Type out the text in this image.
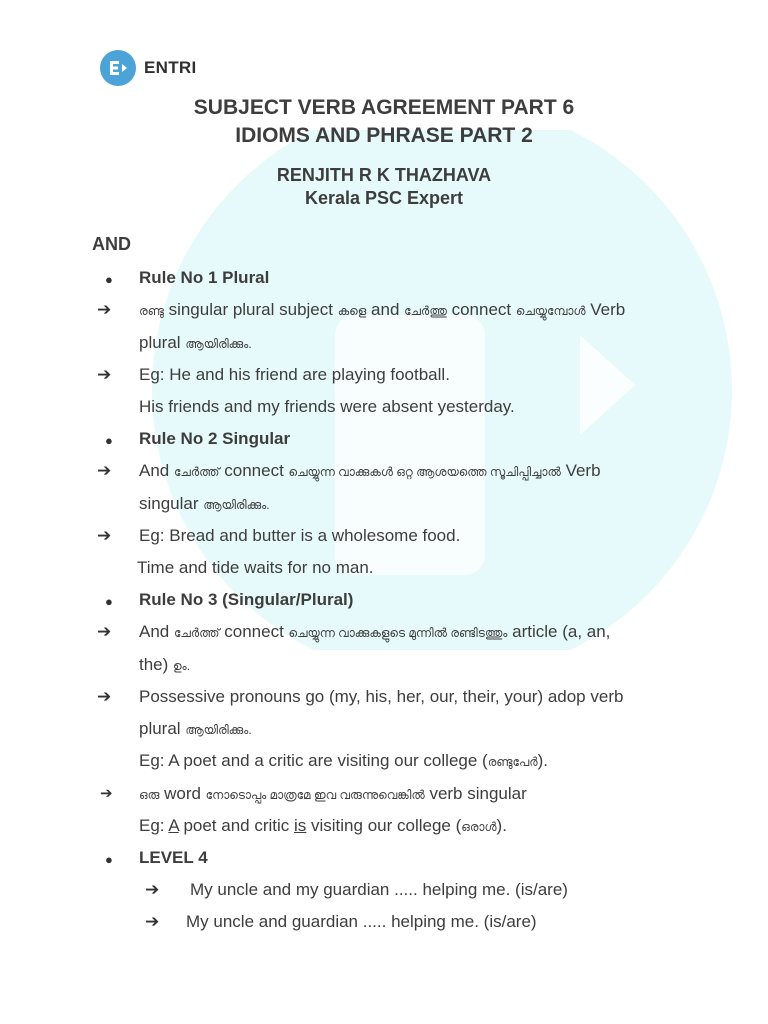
ENTRI
SUBJECT VERB AGREEMENT PART 6
IDIOMS AND PHRASE PART 2
RENJITH R K THAZHAVA
Kerala PSC Expert
AND
● Rule No 1 Plural
➔ രണ്ടു singular plural subject കളെ and ചേർത്തു connect ചെയ്യുമ്പോൾ Verb
plural ആയിരിക്കും.
➔ Eg: He and his friend are playing football.
His friends and my friends were absent yesterday.
● Rule No 2 Singular
➔ And ചേർത്ത് connect ചെയ്യുന്ന വാക്കുകൾ ഒറ്റ ആശയത്തെ സൂചിപ്പിച്ചാൽ Verb
singular ആയിരിക്കും.
➔ Eg: Bread and butter is a wholesome food.
Time and tide waits for no man.
● Rule No 3 (Singular/Plural)
➔ And ചേർത്ത് connect ചെയ്യുന്ന വാക്കുകളുടെ മുന്നിൽ രണ്ടിടത്തും article (a, an,
the) ഉം.
➔ Possessive pronouns go (my, his, her, our, their, your) adop verb
plural ആയിരിക്കും.
Eg: A poet and a critic are visiting our college (രണ്ടുപേർ).
➔ ഒരു word നോടൊപ്പം മാത്രമേ ഇവ വരുന്നുവെങ്കിൽ verb singular
Eg: A poet and critic is visiting our college (ഒരാൾ).
● LEVEL 4
➔ My uncle and my guardian ..... helping me. (is/are)
➔ My uncle and guardian ..... helping me. (is/are)
